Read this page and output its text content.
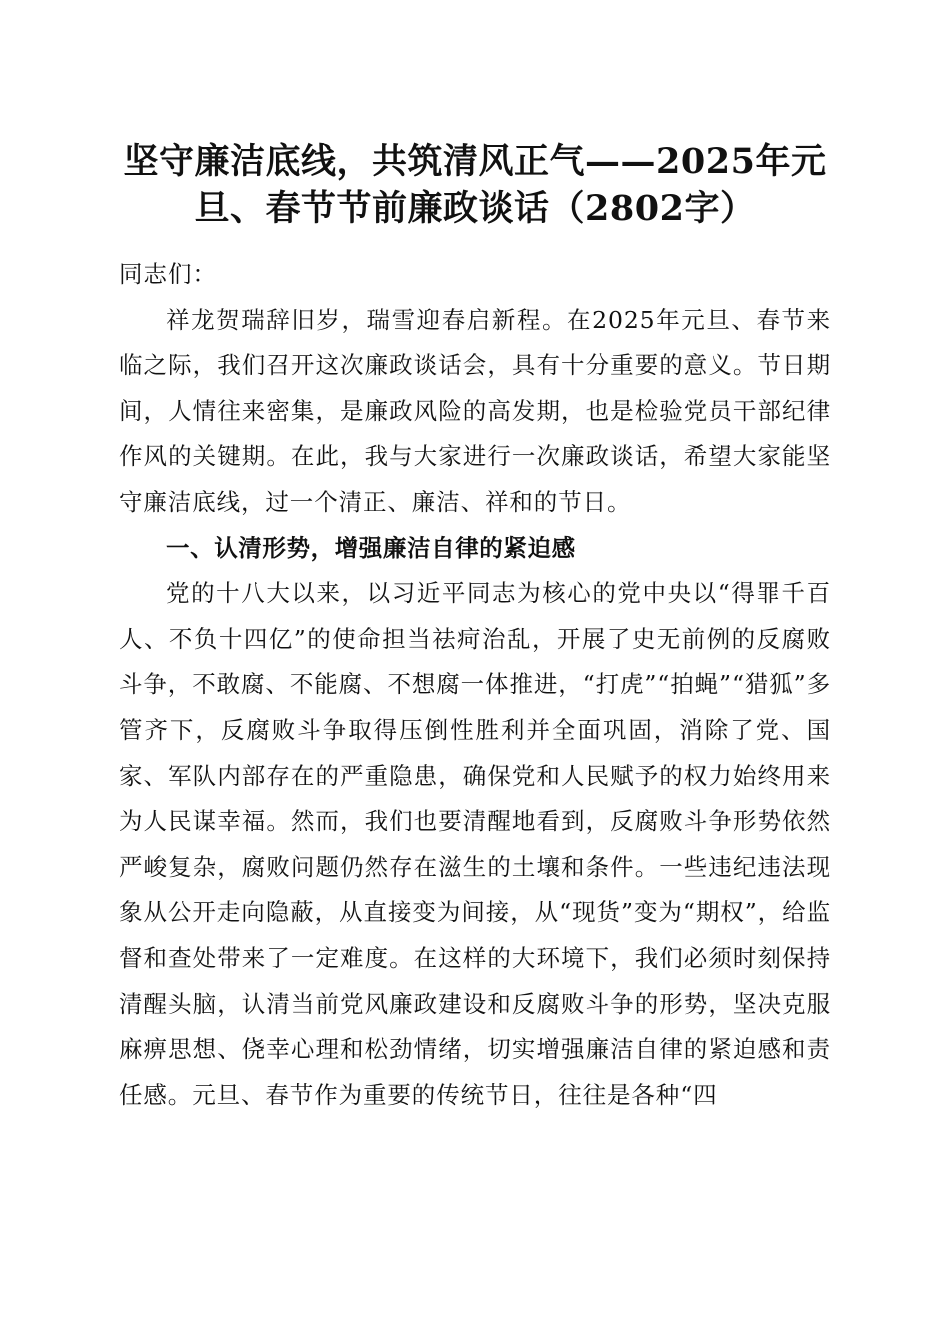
坚守廉洁底线，共筑清风正气——2025年元
旦、春节节前廉政谈话（2802字）

同志们：

祥龙贺瑞辞旧岁，瑞雪迎春启新程。在2025年元旦、春节来临之际，我们召开这次廉政谈话会，具有十分重要的意义。节日期间，人情往来密集，是廉政风险的高发期，也是检验党员干部纪律作风的关键期。在此，我与大家进行一次廉政谈话，希望大家能坚守廉洁底线，过一个清正、廉洁、祥和的节日。

一、认清形势，增强廉洁自律的紧迫感

党的十八大以来，以习近平同志为核心的党中央以“得罪千百人、不负十四亿”的使命担当祛疴治乱，开展了史无前例的反腐败斗争，不敢腐、不能腐、不想腐一体推进，“打虎”“拍蝇”“猎狐”多管齐下，反腐败斗争取得压倒性胜利并全面巩固，消除了党、国家、军队内部存在的严重隐患，确保党和人民赋予的权力始终用来为人民谋幸福。然而，我们也要清醒地看到，反腐败斗争形势依然严峻复杂，腐败问题仍然存在滋生的土壤和条件。一些违纪违法现象从公开走向隐蔽，从直接变为间接，从“现货”变为“期权”，给监督和查处带来了一定难度。在这样的大环境下，我们必须时刻保持清醒头脑，认清当前党风廉政建设和反腐败斗争的形势，坚决克服麻痹思想、侥幸心理和松劲情绪，切实增强廉洁自律的紧迫感和责任感。元旦、春节作为重要的传统节日，往往是各种“四
